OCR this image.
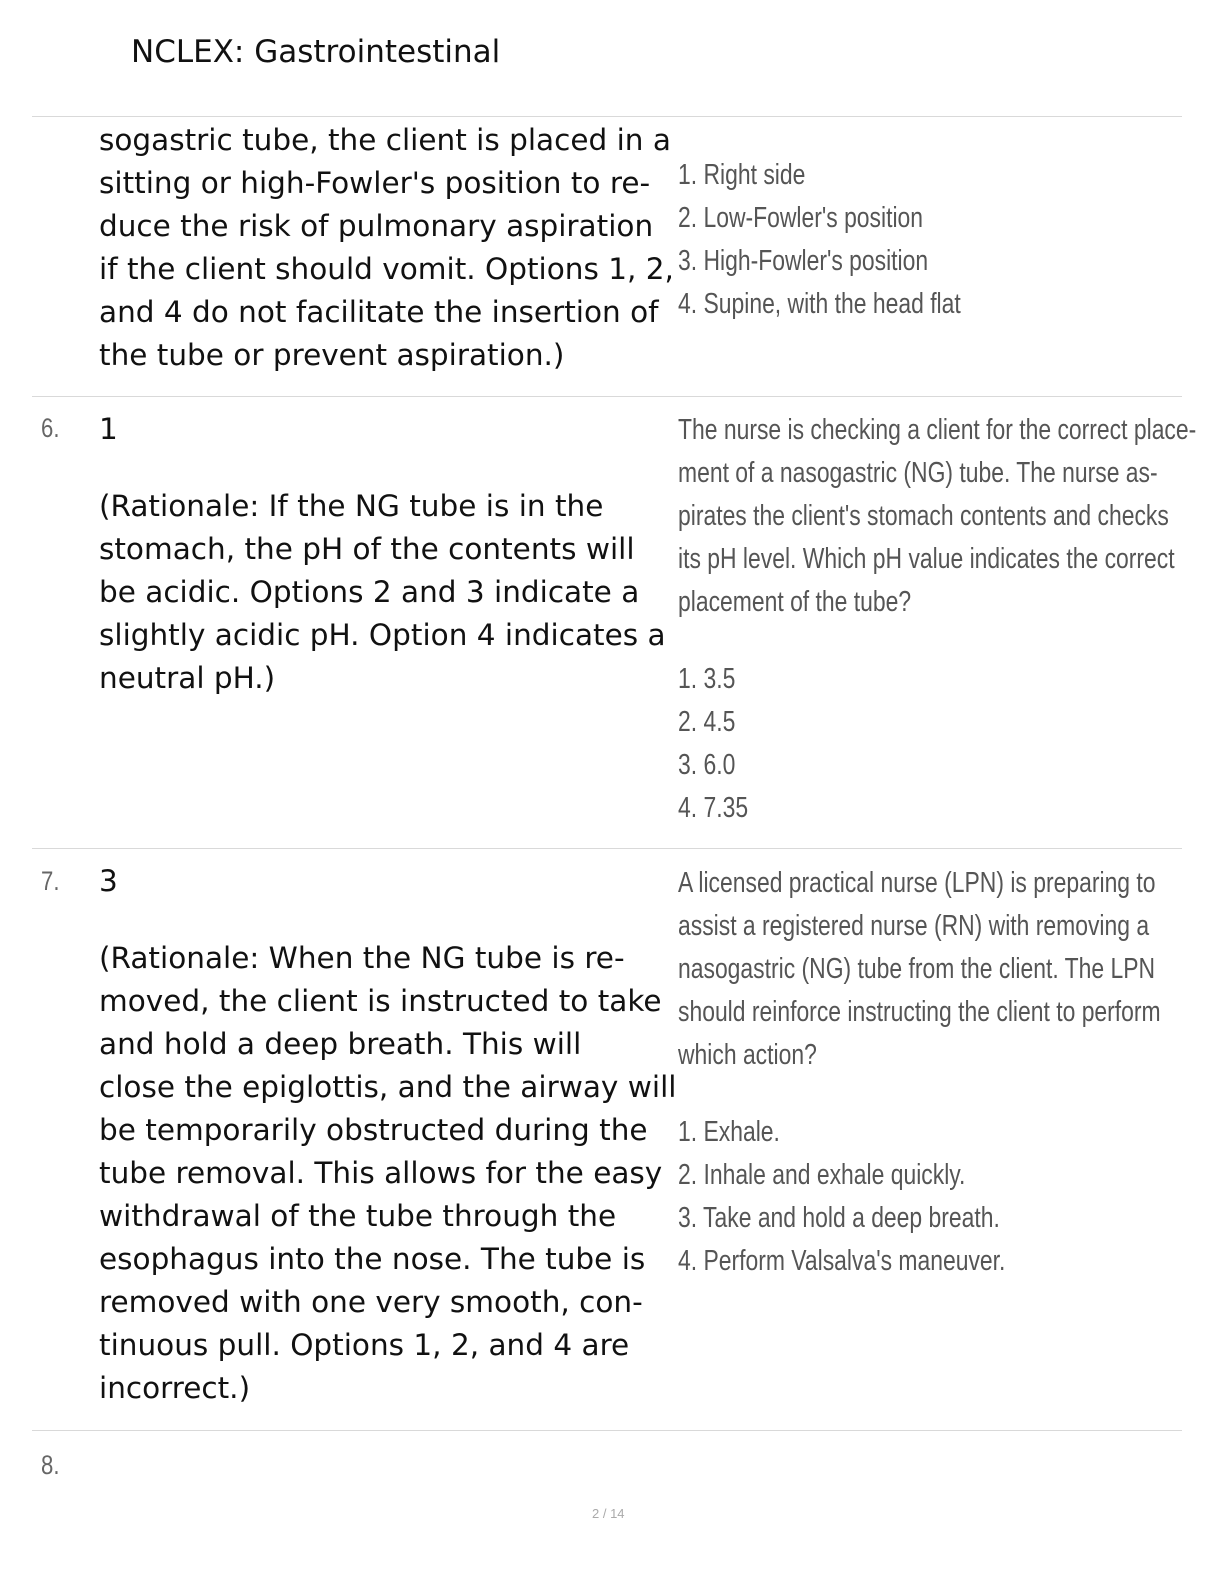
NCLEX: Gastrointestinal

sogastric tube, the client is placed in a

sitting or high-Fowler's position to re-

duce the risk of pulmonary aspiration

if the client should vomit. Options 1, 2,

and 4 do not facilitate the insertion of

the tube or prevent aspiration.)

1. Right side
2. Low-Fowler's position
3. High-Fowler's position
4. Supine, with the head flat
6. 1

(Rationale: If the NG tube is in the

stomach, the pH of the contents will

be acidic. Options 2 and 3 indicate a

slightly acidic pH. Option 4 indicates a

neutral pH.)

The nurse is checking a client for the correct place-
ment of a nasogastric (NG) tube. The nurse as-
pirates the client's stomach contents and checks
its pH level. Which pH value indicates the correct
placement of the tube?
1. 3.5
2. 4.5
3. 6.0
4. 7.35
7. 3

(Rationale: When the NG tube is re-

moved, the client is instructed to take

and hold a deep breath. This will

close the epiglottis, and the airway will

be temporarily obstructed during the

tube removal. This allows for the easy

withdrawal of the tube through the

esophagus into the nose. The tube is

removed with one very smooth, con-

tinuous pull. Options 1, 2, and 4 are

incorrect.)

A licensed practical nurse (LPN) is preparing to
assist a registered nurse (RN) with removing a
nasogastric (NG) tube from the client. The LPN
should reinforce instructing the client to perform
which action?
1. Exhale.
2. Inhale and exhale quickly.
3. Take and hold a deep breath.
4. Perform Valsalva's maneuver.
8.
2 / 14
